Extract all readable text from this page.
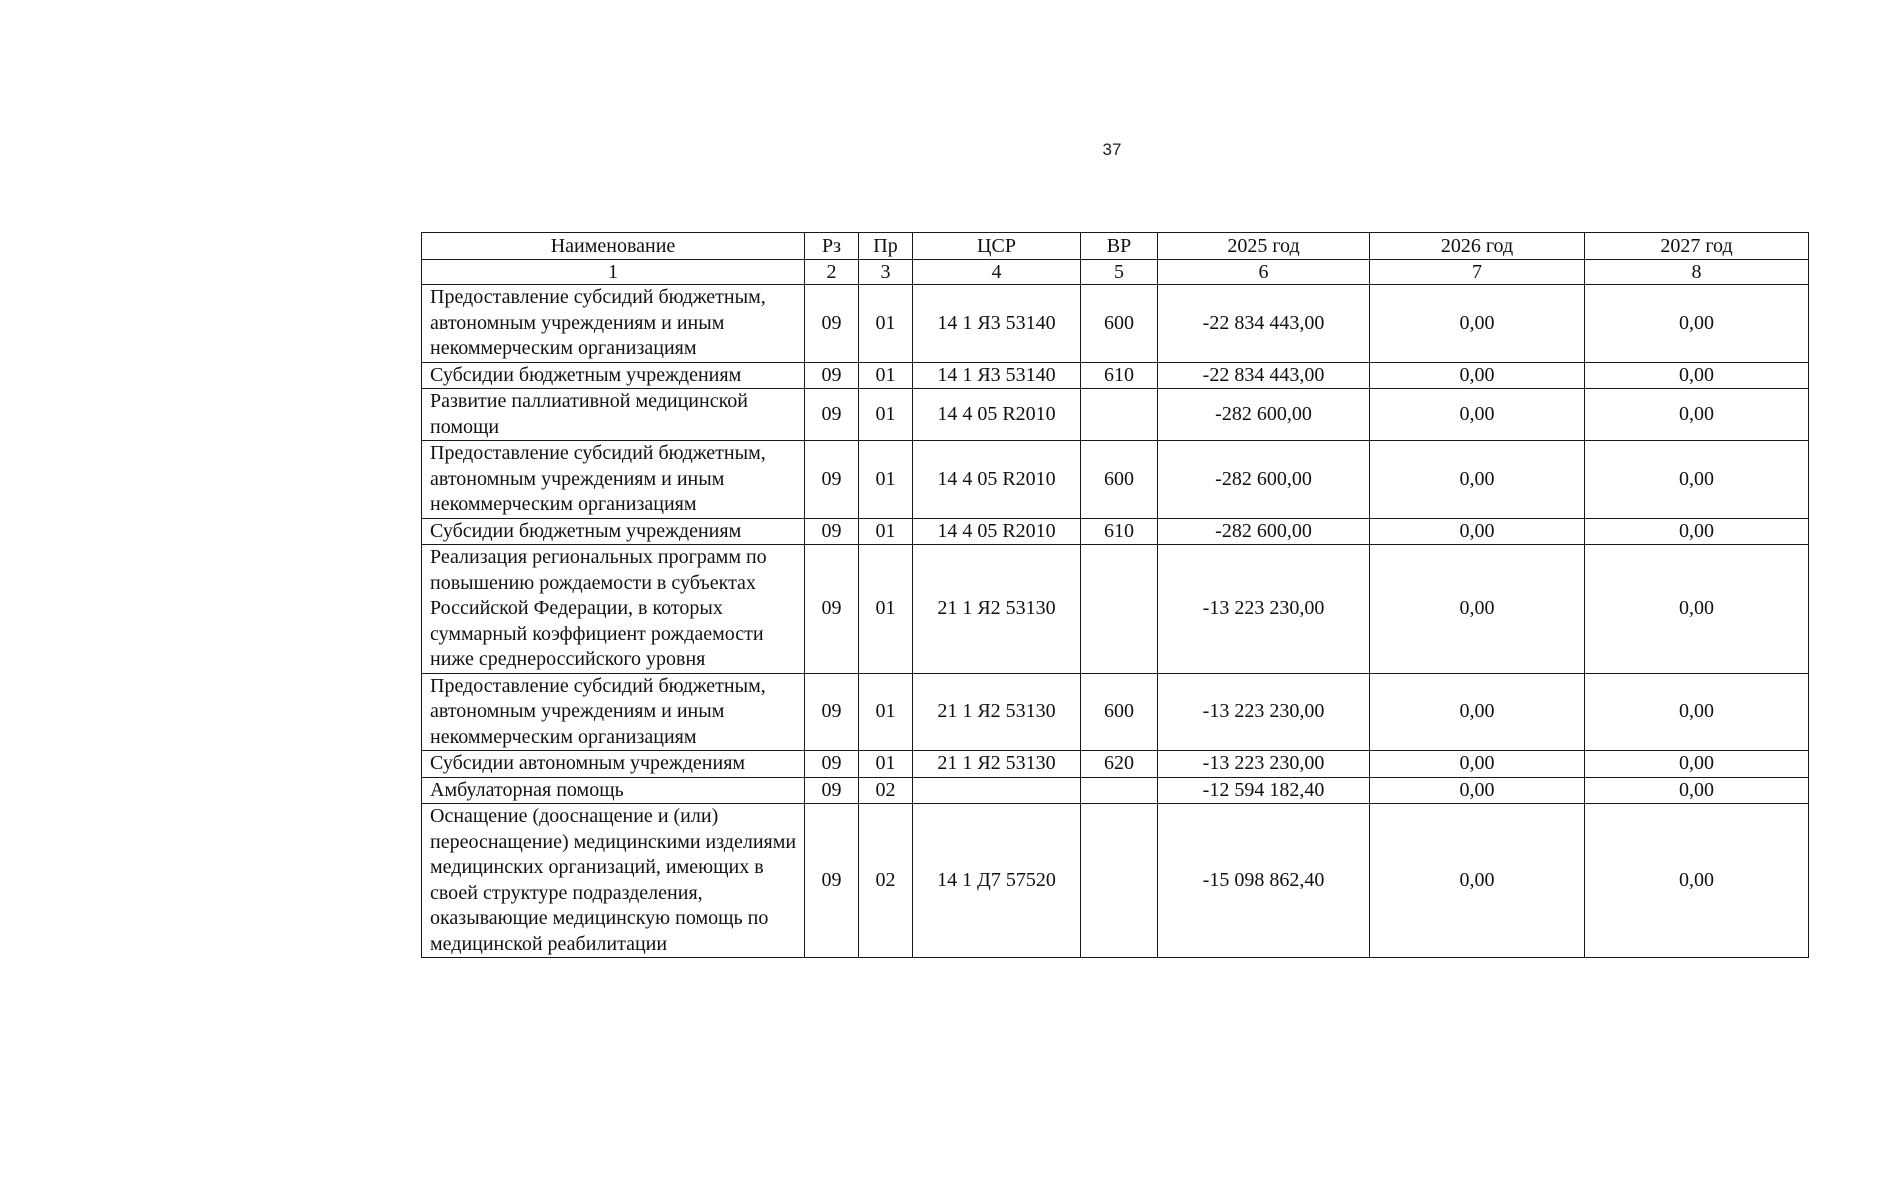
37
Наименование	Рз	Пр	ЦСР	ВР	2025 год	2026 год	2027 год
1	2	3	4	5	6	7	8
Предоставление субсидий бюджетным, автономным учреждениям и иным некоммерческим организациям	09	01	14 1 Я3 53140	600	-22 834 443,00	0,00	0,00
Субсидии бюджетным учреждениям	09	01	14 1 Я3 53140	610	-22 834 443,00	0,00	0,00
Развитие паллиативной медицинской помощи	09	01	14 4 05 R2010		-282 600,00	0,00	0,00
Предоставление субсидий бюджетным, автономным учреждениям и иным некоммерческим организациям	09	01	14 4 05 R2010	600	-282 600,00	0,00	0,00
Субсидии бюджетным учреждениям	09	01	14 4 05 R2010	610	-282 600,00	0,00	0,00
Реализация региональных программ по повышению рождаемости в субъектах Российской Федерации, в которых суммарный коэффициент рождаемости ниже среднероссийского уровня	09	01	21 1 Я2 53130		-13 223 230,00	0,00	0,00
Предоставление субсидий бюджетным, автономным учреждениям и иным некоммерческим организациям	09	01	21 1 Я2 53130	600	-13 223 230,00	0,00	0,00
Субсидии автономным учреждениям	09	01	21 1 Я2 53130	620	-13 223 230,00	0,00	0,00
Амбулаторная помощь	09	02			-12 594 182,40	0,00	0,00
Оснащение (дооснащение и (или) переоснащение) медицинскими изделиями медицинских организаций, имеющих в своей структуре подразделения, оказывающие медицинскую помощь по медицинской реабилитации	09	02	14 1 Д7 57520		-15 098 862,40	0,00	0,00
